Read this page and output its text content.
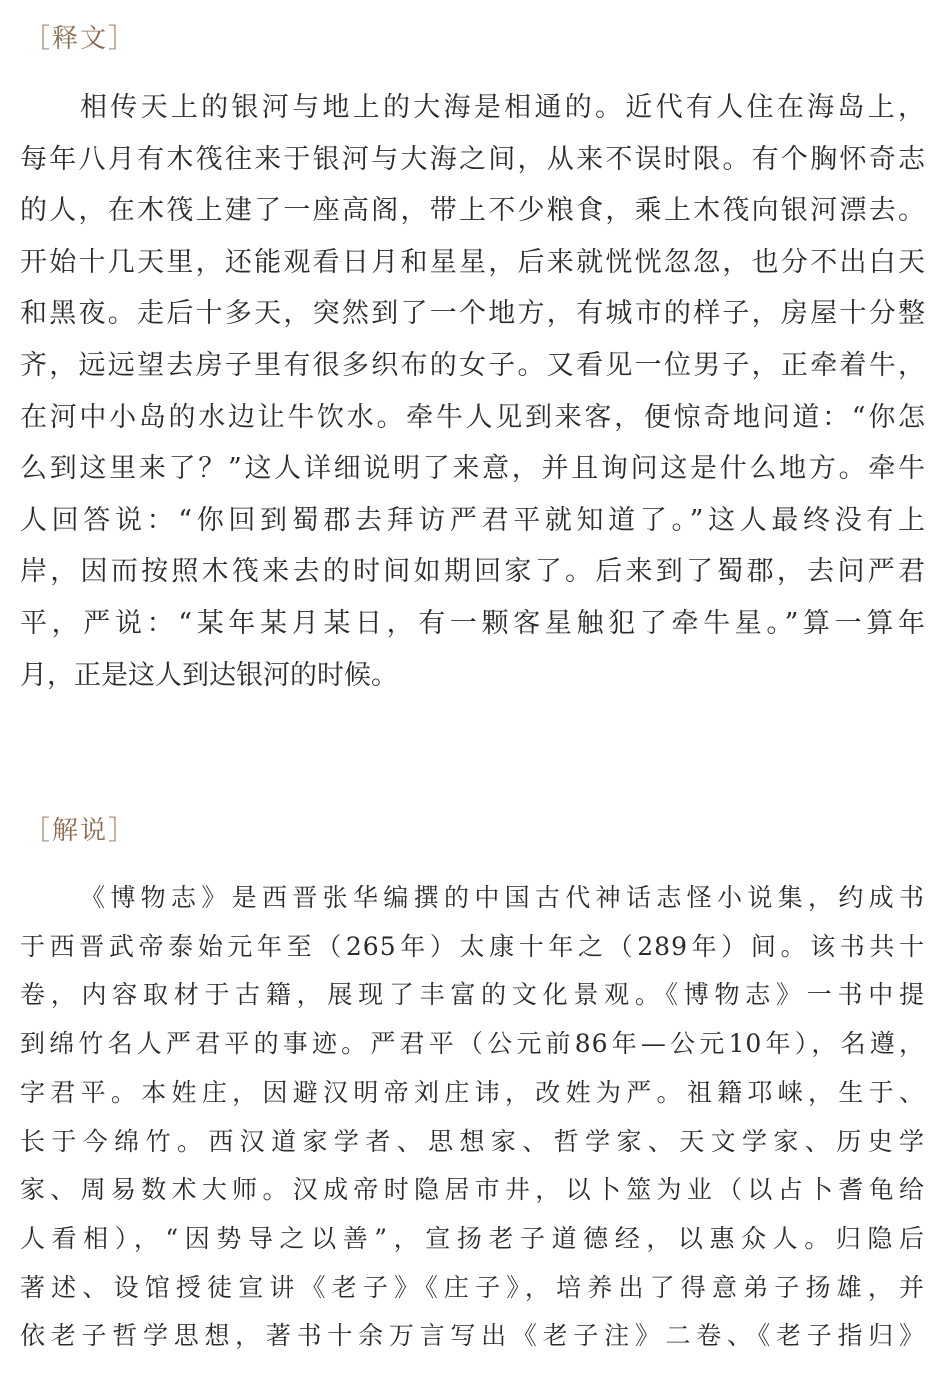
［释文］
相传天上的银河与地上的大海是相通的。近代有人住在海岛上，
每年八月有木筏往来于银河与大海之间，从来不误时限。有个胸怀奇志
的人，在木筏上建了一座高阁，带上不少粮食，乘上木筏向银河漂去。
开始十几天里，还能观看日月和星星，后来就恍恍忽忽，也分不出白天
和黑夜。走后十多天，突然到了一个地方，有城市的样子，房屋十分整
齐，远远望去房子里有很多织布的女子。又看见一位男子，正牵着牛，
在河中小岛的水边让牛饮水。牵牛人见到来客，便惊奇地问道：“你怎
么到这里来了？”这人详细说明了来意，并且询问这是什么地方。牵牛
人回答说：“你回到蜀郡去拜访严君平就知道了。”这人最终没有上
岸，因而按照木筏来去的时间如期回家了。后来到了蜀郡，去问严君
平，严说：“某年某月某日，有一颗客星触犯了牵牛星。”算一算年
月，正是这人到达银河的时候。
［解说］
《博物志》是西晋张华编撰的中国古代神话志怪小说集，约成书
于西晋武帝泰始元年至（265年）太康十年之（289年）间。该书共十
卷，内容取材于古籍，展现了丰富的文化景观。《博物志》一书中提
到绵竹名人严君平的事迹。严君平（公元前86年—公元10年），名遵，
字君平。本姓庄，因避汉明帝刘庄讳，改姓为严。祖籍邛崃，生于、
长于今绵竹。西汉道家学者、思想家、哲学家、天文学家、历史学
家、周易数术大师。汉成帝时隐居市井，以卜筮为业（以占卜耆龟给
人看相），“因势导之以善”，宣扬老子道德经，以惠众人。归隐后
著述、设馆授徒宣讲《老子》《庄子》，培养出了得意弟子扬雄，并
依老子哲学思想，著书十余万言写出《老子注》二卷、《老子指归》
